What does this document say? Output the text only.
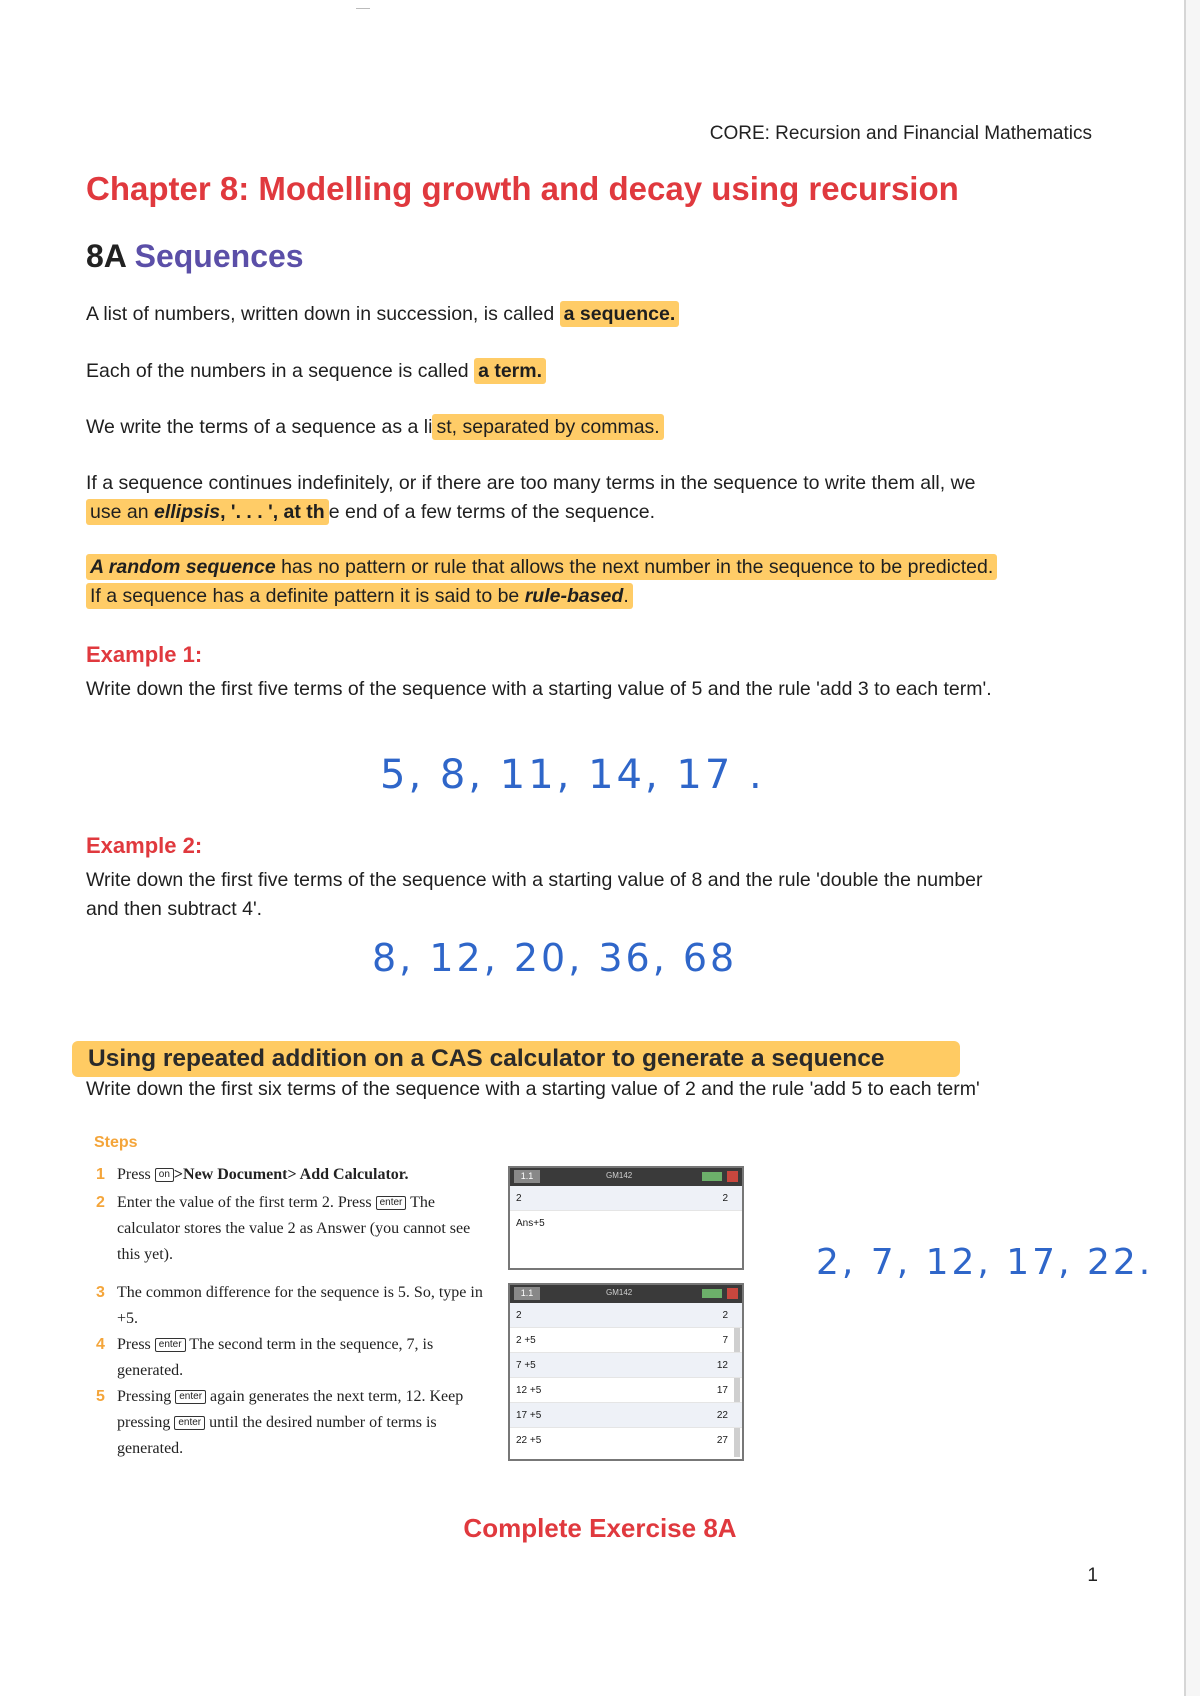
CORE: Recursion and Financial Mathematics
Chapter 8: Modelling growth and decay using recursion
8A Sequences
A list of numbers, written down in succession, is called a sequence.
Each of the numbers in a sequence is called a term.
We write the terms of a sequence as a li st, separated by commas.
If a sequence continues indefinitely, or if there are too many terms in the sequence to write them all, we
use an ellipsis, '. . . ', at th e end of a few terms of the sequence.
A random sequence has no pattern or rule that allows the next number in the sequence to be predicted.
If a sequence has a definite pattern it is said to be rule-based.
Example 1:
Write down the first five terms of the sequence with a starting value of 5 and the rule 'add 3 to each term'.
5, 8, 11, 14, 17 .
Example 2:
Write down the first five terms of the sequence with a starting value of 8 and the rule 'double the number
and then subtract 4'.
8, 12, 20, 36, 68
Using repeated addition on a CAS calculator to generate a sequence
Write down the first six terms of the sequence with a starting value of 2 and the rule 'add 5 to each term'
Steps
1 Press on >New Document> Add Calculator.
2 Enter the value of the first term 2. Press enter The calculator stores the value 2 as Answer (you cannot see this yet).
3 The common difference for the sequence is 5. So, type in +5.
4 Press enter The second term in the sequence, 7, is generated.
5 Pressing enter again generates the next term, 12. Keep pressing enter until the desired number of terms is generated.
1.1	GM142
2	2
Ans+5
1.1	GM142
2	2
2 +5	7
7 +5	12
12 +5	17
17 +5	22
22 +5	27
2, 7, 12, 17, 22.
Complete Exercise 8A
1
